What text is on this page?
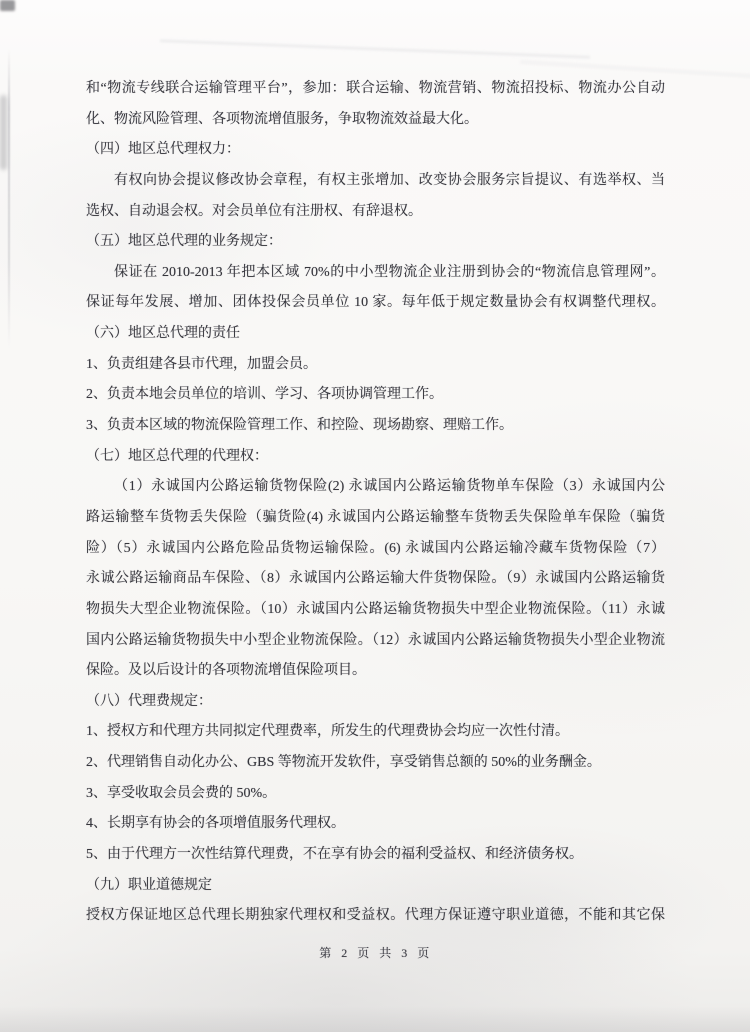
和“物流专线联合运输管理平台”，参加：联合运输、物流营销、物流招投标、物流办公自动
化、物流风险管理、各项物流增值服务，争取物流效益最大化。
（四）地区总代理权力：
有权向协会提议修改协会章程，有权主张增加、改变协会服务宗旨提议、有选举权、当
选权、自动退会权。对会员单位有注册权、有辞退权。
（五）地区总代理的业务规定：
保证在 2010-2013 年把本区域 70%的中小型物流企业注册到协会的“物流信息管理网”。
保证每年发展、增加、团体投保会员单位 10 家。每年低于规定数量协会有权调整代理权。
（六）地区总代理的责任
1、负责组建各县市代理，加盟会员。
2、负责本地会员单位的培训、学习、各项协调管理工作。
3、负责本区域的物流保险管理工作、和控险、现场勘察、理赔工作。
（七）地区总代理的代理权：
（1）永诚国内公路运输货物保险(2) 永诚国内公路运输货物单车保险（3）永诚国内公
路运输整车货物丢失保险（骗货险(4) 永诚国内公路运输整车货物丢失保险单车保险（骗货
险）（5）永诚国内公路危险品货物运输保险。(6) 永诚国内公路运输冷藏车货物保险（7）
永诚公路运输商品车保险、（8）永诚国内公路运输大件货物保险。（9）永诚国内公路运输货
物损失大型企业物流保险。（10）永诚国内公路运输货物损失中型企业物流保险。（11）永诚
国内公路运输货物损失中小型企业物流保险。（12）永诚国内公路运输货物损失小型企业物流
保险。及以后设计的各项物流增值保险项目。
（八）代理费规定：
1、授权方和代理方共同拟定代理费率，所发生的代理费协会均应一次性付清。
2、代理销售自动化办公、GBS 等物流开发软件，享受销售总额的 50%的业务酬金。
3、享受收取会员会费的 50%。
4、长期享有协会的各项增值服务代理权。
5、由于代理方一次性结算代理费，不在享有协会的福利受益权、和经济债务权。
（九）职业道德规定
授权方保证地区总代理长期独家代理权和受益权。代理方保证遵守职业道德，不能和其它保
第 2 页 共 3 页
